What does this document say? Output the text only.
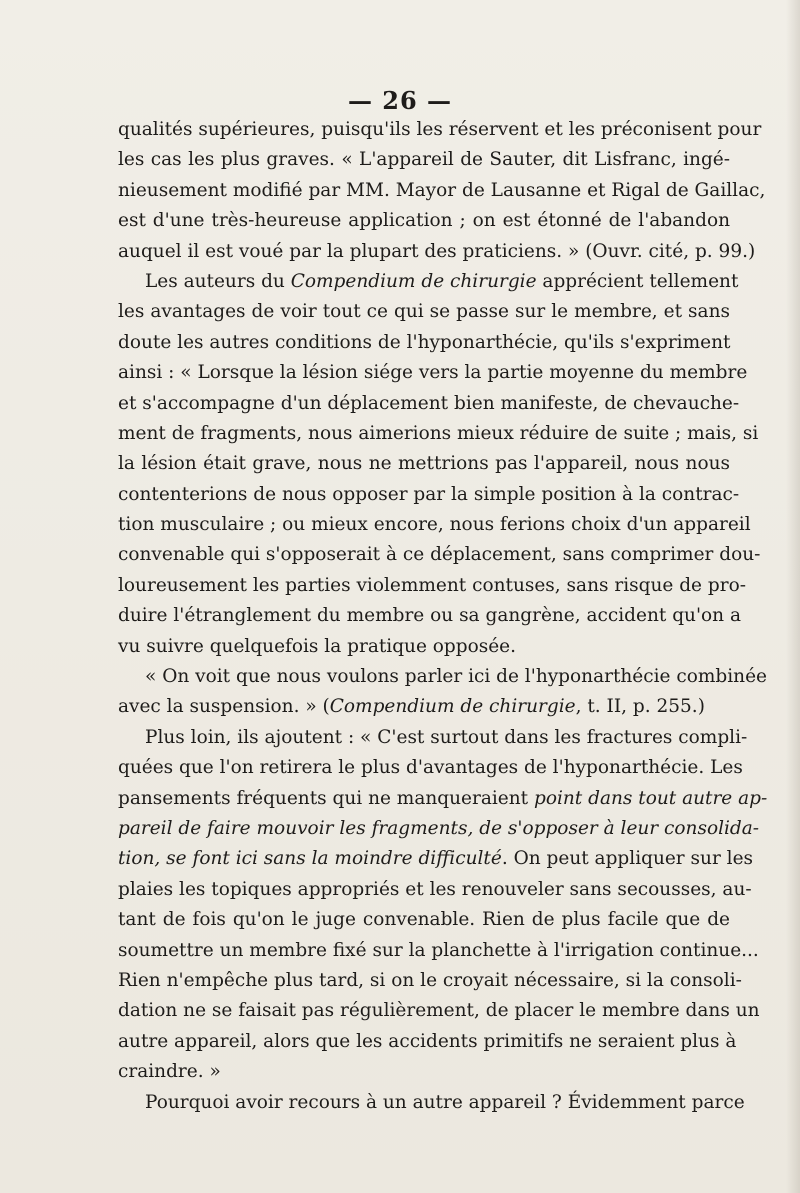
— 26 —
qualités supérieures, puisqu'ils les réservent et les préconisent pour
les cas les plus graves. « L'appareil de Sauter, dit Lisfranc, ingé-
nieusement modifié par MM. Mayor de Lausanne et Rigal de Gaillac,
est d'une très-heureuse application ; on est étonné de l'abandon
auquel il est voué par la plupart des praticiens. » (Ouvr. cité, p. 99.)
Les auteurs du Compendium de chirurgie apprécient tellement
les avantages de voir tout ce qui se passe sur le membre, et sans
doute les autres conditions de l'hyponarthécie, qu'ils s'expriment
ainsi : « Lorsque la lésion siége vers la partie moyenne du membre
et s'accompagne d'un déplacement bien manifeste, de chevauche-
ment de fragments, nous aimerions mieux réduire de suite ; mais, si
la lésion était grave, nous ne mettrions pas l'appareil, nous nous
contenterions de nous opposer par la simple position à la contrac-
tion musculaire ; ou mieux encore, nous ferions choix d'un appareil
convenable qui s'opposerait à ce déplacement, sans comprimer dou-
loureusement les parties violemment contuses, sans risque de pro-
duire l'étranglement du membre ou sa gangrène, accident qu'on a
vu suivre quelquefois la pratique opposée.
« On voit que nous voulons parler ici de l'hyponarthécie combinée
avec la suspension. » (Compendium de chirurgie, t. II, p. 255.)
Plus loin, ils ajoutent : « C'est surtout dans les fractures compli-
quées que l'on retirera le plus d'avantages de l'hyponarthécie. Les
pansements fréquents qui ne manqueraient point dans tout autre ap-
pareil de faire mouvoir les fragments, de s'opposer à leur consolida-
tion, se font ici sans la moindre difficulté. On peut appliquer sur les
plaies les topiques appropriés et les renouveler sans secousses, au-
tant de fois qu'on le juge convenable. Rien de plus facile que de
soumettre un membre fixé sur la planchette à l'irrigation continue...
Rien n'empêche plus tard, si on le croyait nécessaire, si la consoli-
dation ne se faisait pas régulièrement, de placer le membre dans un
autre appareil, alors que les accidents primitifs ne seraient plus à
craindre. »
Pourquoi avoir recours à un autre appareil ? Évidemment parce
